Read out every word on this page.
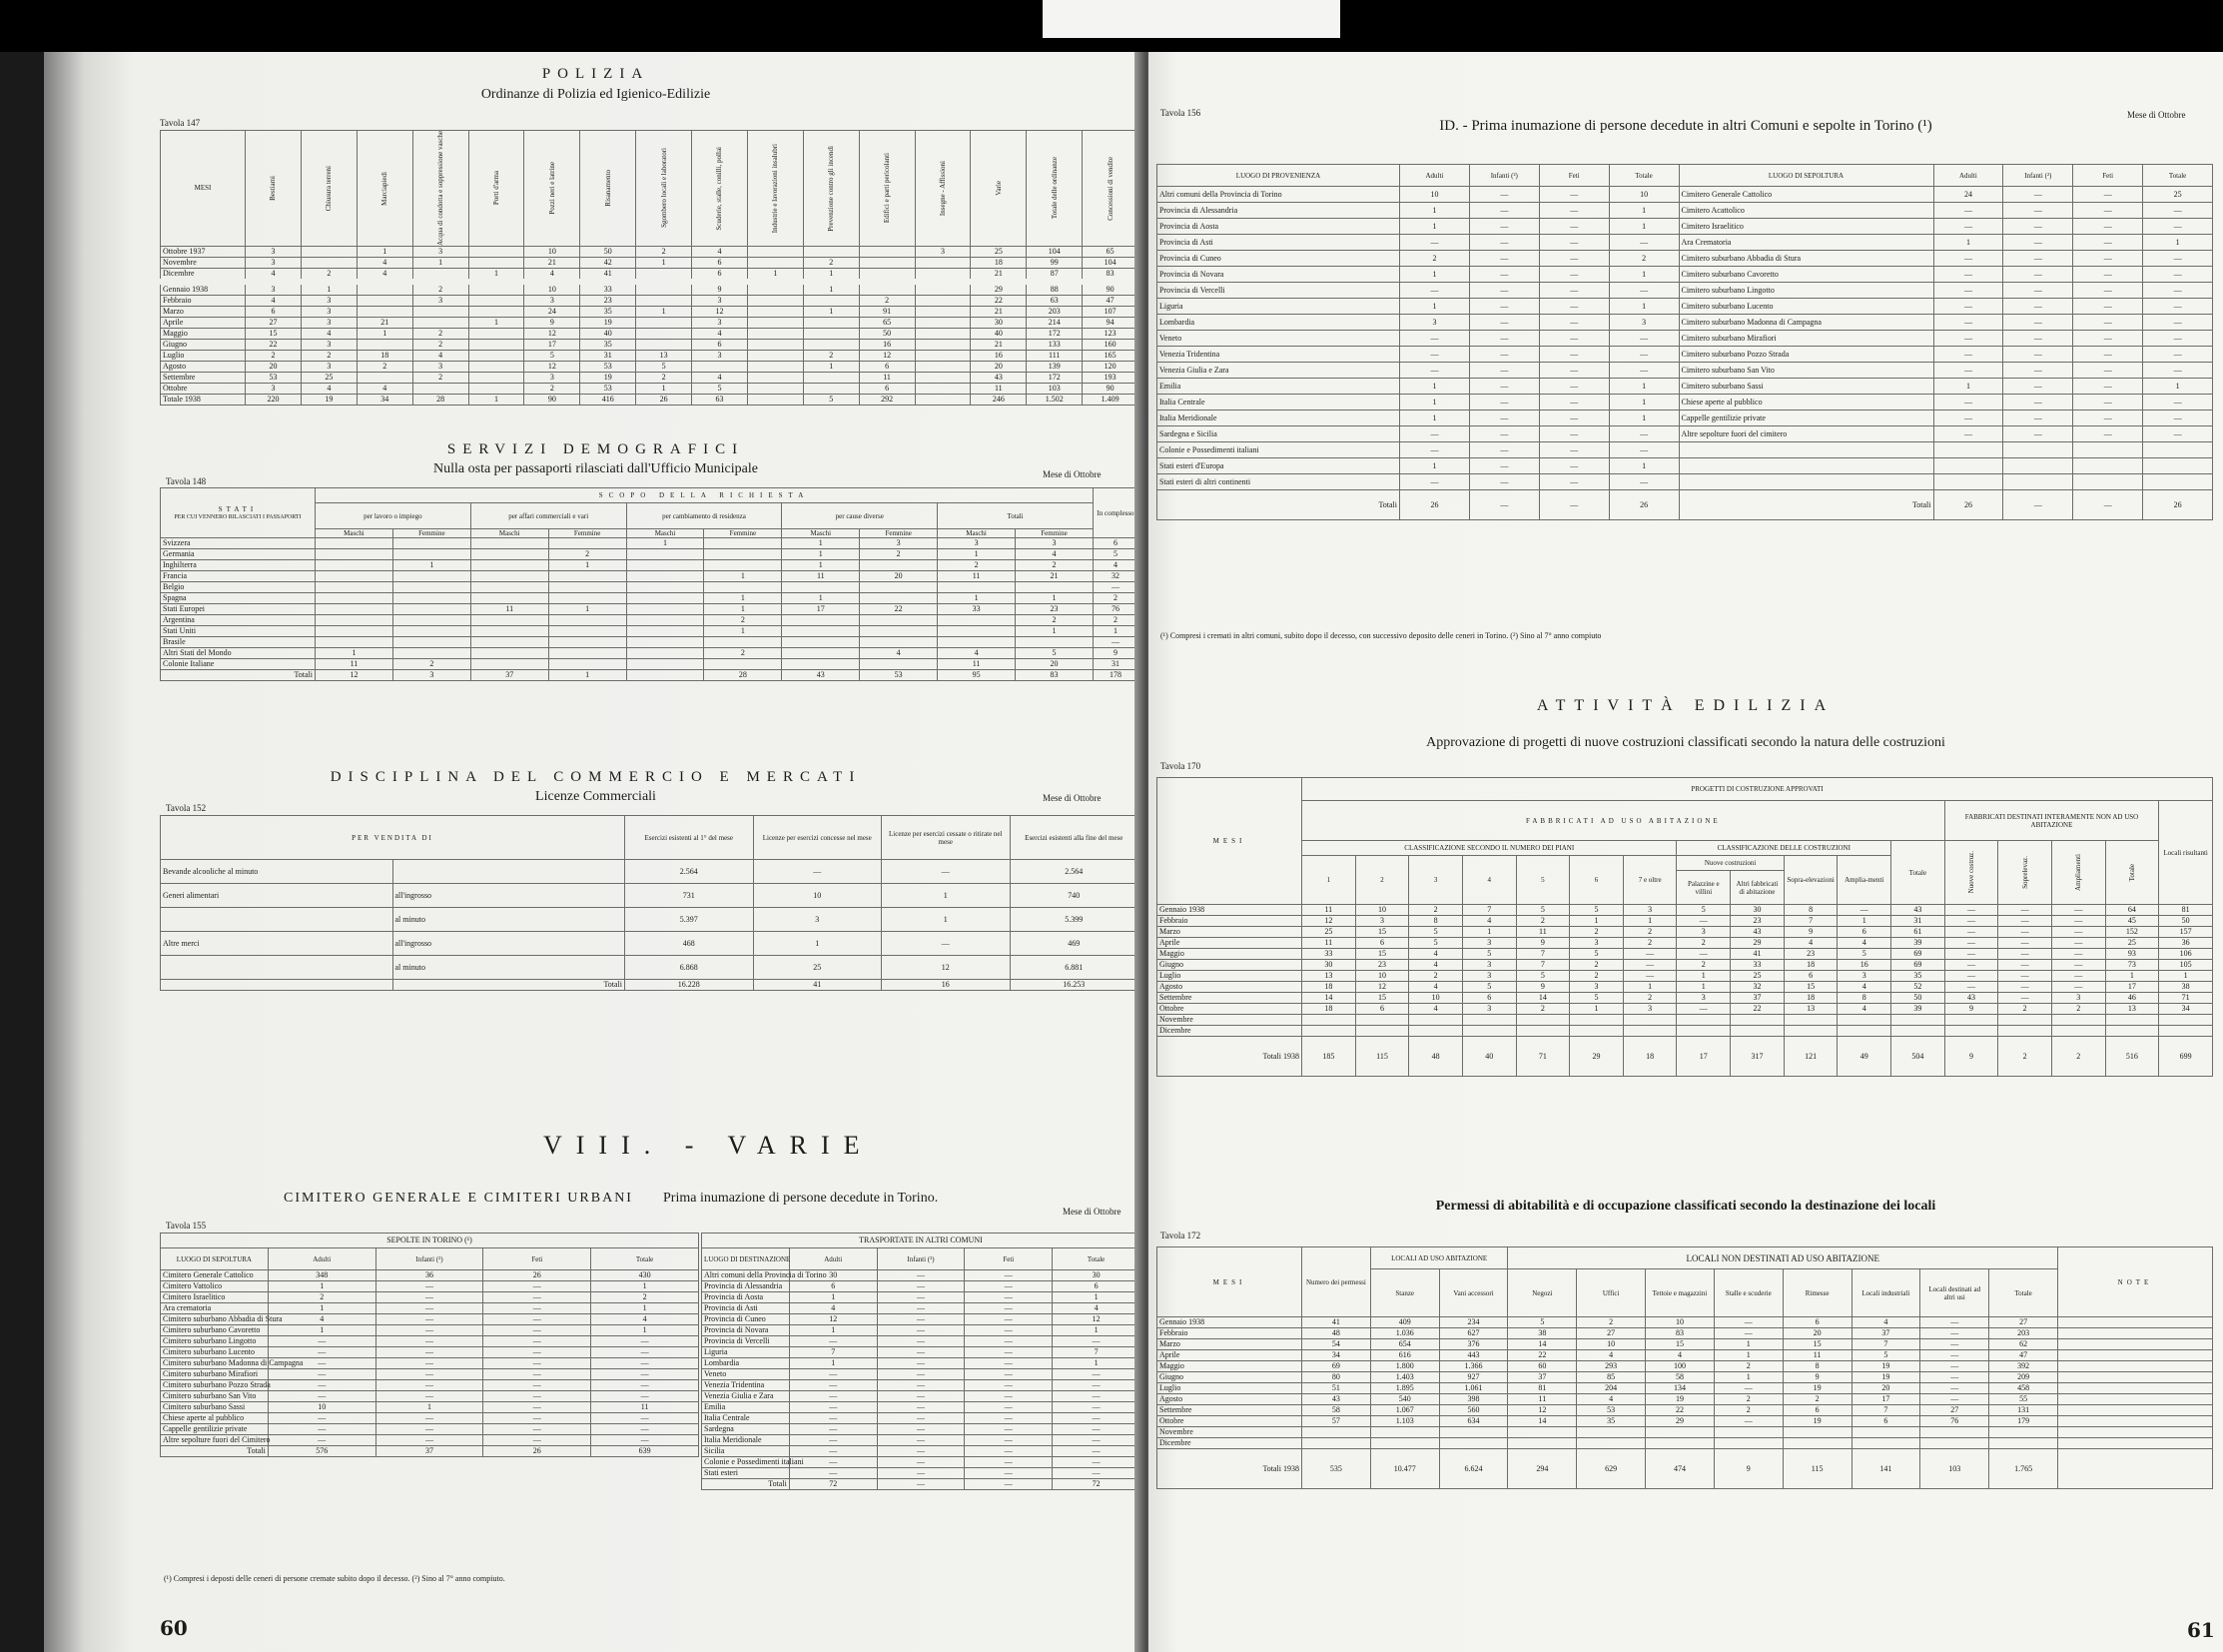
POLIZIA
Ordinanze di Polizia ed Igienico-Edilizie
Tavola 147
MESI	Bestiami	Chiusura terreni	Marciapiedi	Acqua di condotta e soppressione vasche	Porti d'arma	Pozzi neri e latrine	Risanamento	Sgombero locali e laboratori	Scuderie, stalle, conilli, pollai	Industrie e lavorazioni insalubri	Prevenzione contro gli incendi	Edifici e parti pericolanti	Insegne - Affissioni	Varie	Totale delle ordinanze	Concessioni di vendite

Ottobre 1937	3		1	3		10	50	2	4				3	25	104	65
Novembre	3		4	1		21	42	1	6		2			18	99	104
Dicembre	4	2	4		1	4	41		6	1	1			21	87	83
Gennaio 1938	3	1		2		10	33		9		1			29	88	90
Febbraio	4	3		3		3	23		3			2		22	63	47
Marzo	6	3				24	35	1	12		1	91		21	203	107
Aprile	27	3	21		1	9	19		3			65		30	214	94
Maggio	15	4	1	2		12	40		4			50		40	172	123
Giugno	22	3		2		17	35		6			16		21	133	160
Luglio	2	2	18	4		5	31	13	3		2	12		16	111	165
Agosto	20	3	2	3		12	53	5			1	6		20	139	120
Settembre	53	25		2		3	19	2	4			11		43	172	193
Ottobre	3	4	4			2	53	1	5			6		11	103	90
Totale 1938	220	19	34	28	1	90	416	26	63		5	292		246	1.502	1.409
SERVIZI DEMOGRAFICI
Nulla osta per passaporti rilasciati dall'Ufficio Municipale
Tavola 148
Mese di Ottobre
STATI
PER CUI VENNERO RILASCIATI I PASSAPORTI	SCOPO DELLA RICHIESTA										In complesso
	per lavoro o impiego		per affari commerciali e vari		per cambiamento di residenza		per cause diverse		Totali		
	Maschi	Femmine	Maschi	Femmine	Maschi	Femmine	Maschi	Femmine	Maschi	Femmine	
Svizzera					1		1	3	3	3	6
Germania				2			1	2	1	4	5
Inghilterra		1		1			1		2	2	4
Francia						1	11	20	11	21	32
Belgio											—
Spagna						1	1		1	1	2
Stati Europei			11	1		1	17	22	33	23	76
Argentina						2				2	2
Stati Uniti						1				1	1
Brasile											—
Altri Stati del Mondo	1					2		4	4	5	9
Colonie Italiane	11	2							11	20	31
Totali	12	3	37	1		28	43	53	95	83	178
DISCIPLINA DEL COMMERCIO E MERCATI
Licenze Commerciali
Tavola 152
Mese di Ottobre
PER VENDITA DI		Esercizi esistenti al 1° del mese	Licenze per esercizi concesse nel mese	Licenze per esercizi cessate o ritirate nel mese	Esercizi esistenti alla fine del mese
Bevande alcooliche al minuto		2.564	—	—	2.564
Generi alimentari	all'ingrosso	731	10	1	740
	al minuto	5.397	3	1	5.399
Altre merci	all'ingrosso	468	1	—	469
	al minuto	6.868	25	12	6.881
	Totali	16.228	41	16	16.253
VIII. - VARIE
CIMITERO GENERALE E CIMITERI URBANI Prima inumazione di persone decedute in Torino.
Tavola 155
Mese di Ottobre
SEPOLTE IN TORINO (¹)				
LUOGO DI SEPOLTURA	Adulti	Infanti (²)	Feti	Totale
Cimitero Generale Cattolico	348	36	26	430
Cimitero Vattolico	1	—	—	1
Cimitero Israelitico	2	—	—	2
Ara crematoria	1	—	—	1
Cimitero suburbano Abbadia di Stura	4	—	—	4
Cimitero suburbano Cavoretto	1	—	—	1
Cimitero suburbano Lingotto	—	—	—	—
Cimitero suburbano Lucento	—	—	—	—
Cimitero suburbano Madonna di Campagna	—	—	—	—
Cimitero suburbano Mirafiori	—	—	—	—
Cimitero suburbano Pozzo Strada	—	—	—	—
Cimitero suburbano San Vito	—	—	—	—
Cimitero suburbano Sassi	10	1	—	11
Chiese aperte al pubblico	—	—	—	—
Cappelle gentilizie private	—	—	—	—
Altre sepolture fuori del Cimitero	—	—	—	—
Totali	576	37	26	639
TRASPORTATE IN ALTRI COMUNI				
LUOGO DI DESTINAZIONE	Adulti	Infanti (²)	Feti	Totale
Altri comuni della Provincia di Torino	30	—	—	30
Provincia di Alessandria	6	—	—	6
Provincia di Aosta	1	—	—	1
Provincia di Asti	4	—	—	4
Provincia di Cuneo	12	—	—	12
Provincia di Novara	1	—	—	1
Provincia di Vercelli	—	—	—	—
Liguria	7	—	—	7
Lombardia	1	—	—	1
Veneto	—	—	—	—
Venezia Tridentina	—	—	—	—
Venezia Giulia e Zara	—	—	—	—
Emilia	—	—	—	—
Italia Centrale	—	—	—	—
Sardegna	—	—	—	—
Italia Meridionale	—	—	—	—
Sicilia	—	—	—	—
Colonie e Possedimenti italiani	—	—	—	—
Stati esteri	—	—	—	—
Totali	72	—	—	72
(¹) Compresi i deposti delle ceneri di persone cremate subito dopo il decesso. (²) Sino al 7° anno compiuto.
60
Tavola 156	Mese di Ottobre
ID. - Prima inumazione di persone decedute in altri Comuni e sepolte in Torino (¹)
LUOGO DI PROVENIENZA	Adulti	Infanti (²)	Feti	Totale	LUOGO DI SEPOLTURA	Adulti	Infanti (²)	Feti	Totale
Altri comuni della Provincia di Torino	10	—	—	10	Cimitero Generale Cattolico	24	—	—	25
Provincia di Alessandria	1	—	—	1	Cimitero Acattolico	—	—	—	—
Provincia di Aosta	1	—	—	1	Cimitero Israelitico	—	—	—	—
Provincia di Asti	—	—	—	—	Ara Crematoria	1	—	—	1
Provincia di Cuneo	2	—	—	2	Cimitero suburbano Abbadia di Stura	—	—	—	—
Provincia di Novara	1	—	—	1	Cimitero suburbano Cavoretto	—	—	—	—
Provincia di Vercelli	—	—	—	—	Cimitero suburbano Lingotto	—	—	—	—
Liguria	1	—	—	1	Cimitero suburbano Lucento	—	—	—	—
Lombardia	3	—	—	3	Cimitero suburbano Madonna di Campagna	—	—	—	—
Veneto	—	—	—	—	Cimitero suburbano Mirafiori	—	—	—	—
Venezia Tridentina	—	—	—	—	Cimitero suburbano Pozzo Strada	—	—	—	—
Venezia Giulia e Zara	—	—	—	—	Cimitero suburbano San Vito	—	—	—	—
Emilia	1	—	—	1	Cimitero suburbano Sassi	1	—	—	1
Italia Centrale	1	—	—	1	Chiese aperte al pubblico	—	—	—	—
Italia Meridionale	1	—	—	1	Cappelle gentilizie private	—	—	—	—
Sardegna e Sicilia	—	—	—	—	Altre sepolture fuori del cimitero	—	—	—	—
Colonie e Possedimenti italiani	—	—	—	—					
Stati esteri d'Europa	1	—	—	1					
Stati esteri di altri continenti	—	—	—	—					
Totali	26	—	—	26	Totali	26	—	—	26
(¹) Compresi i cremati in altri comuni, subito dopo il decesso, con successivo deposito delle ceneri in Torino. (²) Sino al 7° anno compiuto
ATTIVITÀ EDILIZIA
Approvazione di progetti di nuove costruzioni classificati secondo la natura delle costruzioni
Tavola 170
MESI	PROGETTI DI COSTRUZIONE APPROVATI																
	FABBRICATI AD USO ABITAZIONE												FABBRICATI DESTINATI INTERAMENTE NON AD USO ABITAZIONE				Locali risultanti
	CLASSIFICAZIONE SECONDO IL NUMERO DEI PIANI							CLASSIFICAZIONE DELLE COSTRUZIONI				Totale	Nuove costruz.	Soprelevaz.	Ampliamenti	Totale	

	1	2	3	4	5	6	7 e oltre	Nuove costruzioni		Sopra-elevazioni	Amplia-menti						
								Palazzine e villini	Altri fabbricati di abitazione								
Gennaio 1938	11	10	2	7	5	5	3	5	30	8	—	43	—	—	—	64	81
Febbraio	12	3	8	4	2	1	1	—	23	7	1	31	—	—	—	45	50
Marzo	25	15	5	1	11	2	2	3	43	9	6	61	—	—	—	152	157
Aprile	11	6	5	3	9	3	2	2	29	4	4	39	—	—	—	25	36
Maggio	33	15	4	5	7	5	—	—	41	23	5	69	—	—	—	93	106
Giugno	30	23	4	3	7	2	—	2	33	18	16	69	—	—	—	73	105
Luglio	13	10	2	3	5	2	—	1	25	6	3	35	—	—	—	1	1
Agosto	18	12	4	5	9	3	1	1	32	15	4	52	—	—	—	17	38
Settembre	14	15	10	6	14	5	2	3	37	18	8	50	43	—	3	46	71
Ottobre	18	6	4	3	2	1	3	—	22	13	4	39	9	2	2	13	34
Novembre																	
Dicembre																	
Totali 1938	185	115	48	40	71	29	18	17	317	121	49	504	9	2	2	516	699
Permessi di abitabilità e di occupazione classificati secondo la destinazione dei locali
Tavola 172
MESI	Numero dei permessi	LOCALI AD USO ABITAZIONE		LOCALI NON DESTINATI AD USO ABITAZIONE								NOTE
		Stanze	Vani accessori	Negozi	Uffici	Tettoie e magazzini	Stalle e scuderie	Rimesse	Locali industriali	Locali destinati ad altri usi	Totale	
Gennaio 1938	41	409	234	5	2	10	—	6	4	—	27	
Febbraio	48	1.036	627	38	27	83	—	20	37	—	203	
Marzo	54	654	376	14	10	15	1	15	7	—	62	
Aprile	34	616	443	22	4	4	1	11	5	—	47	
Maggio	69	1.800	1.366	60	293	100	2	8	19	—	392	
Giugno	80	1.403	927	37	85	58	1	9	19	—	209	
Luglio	51	1.895	1.061	81	204	134	—	19	20	—	458	
Agosto	43	540	398	11	4	19	2	2	17	—	55	
Settembre	58	1.067	560	12	53	22	2	6	7	27	131	
Ottobre	57	1.103	634	14	35	29	—	19	6	76	179	
Novembre												
Dicembre												
Totali 1938	535	10.477	6.624	294	629	474	9	115	141	103	1.765	
61
